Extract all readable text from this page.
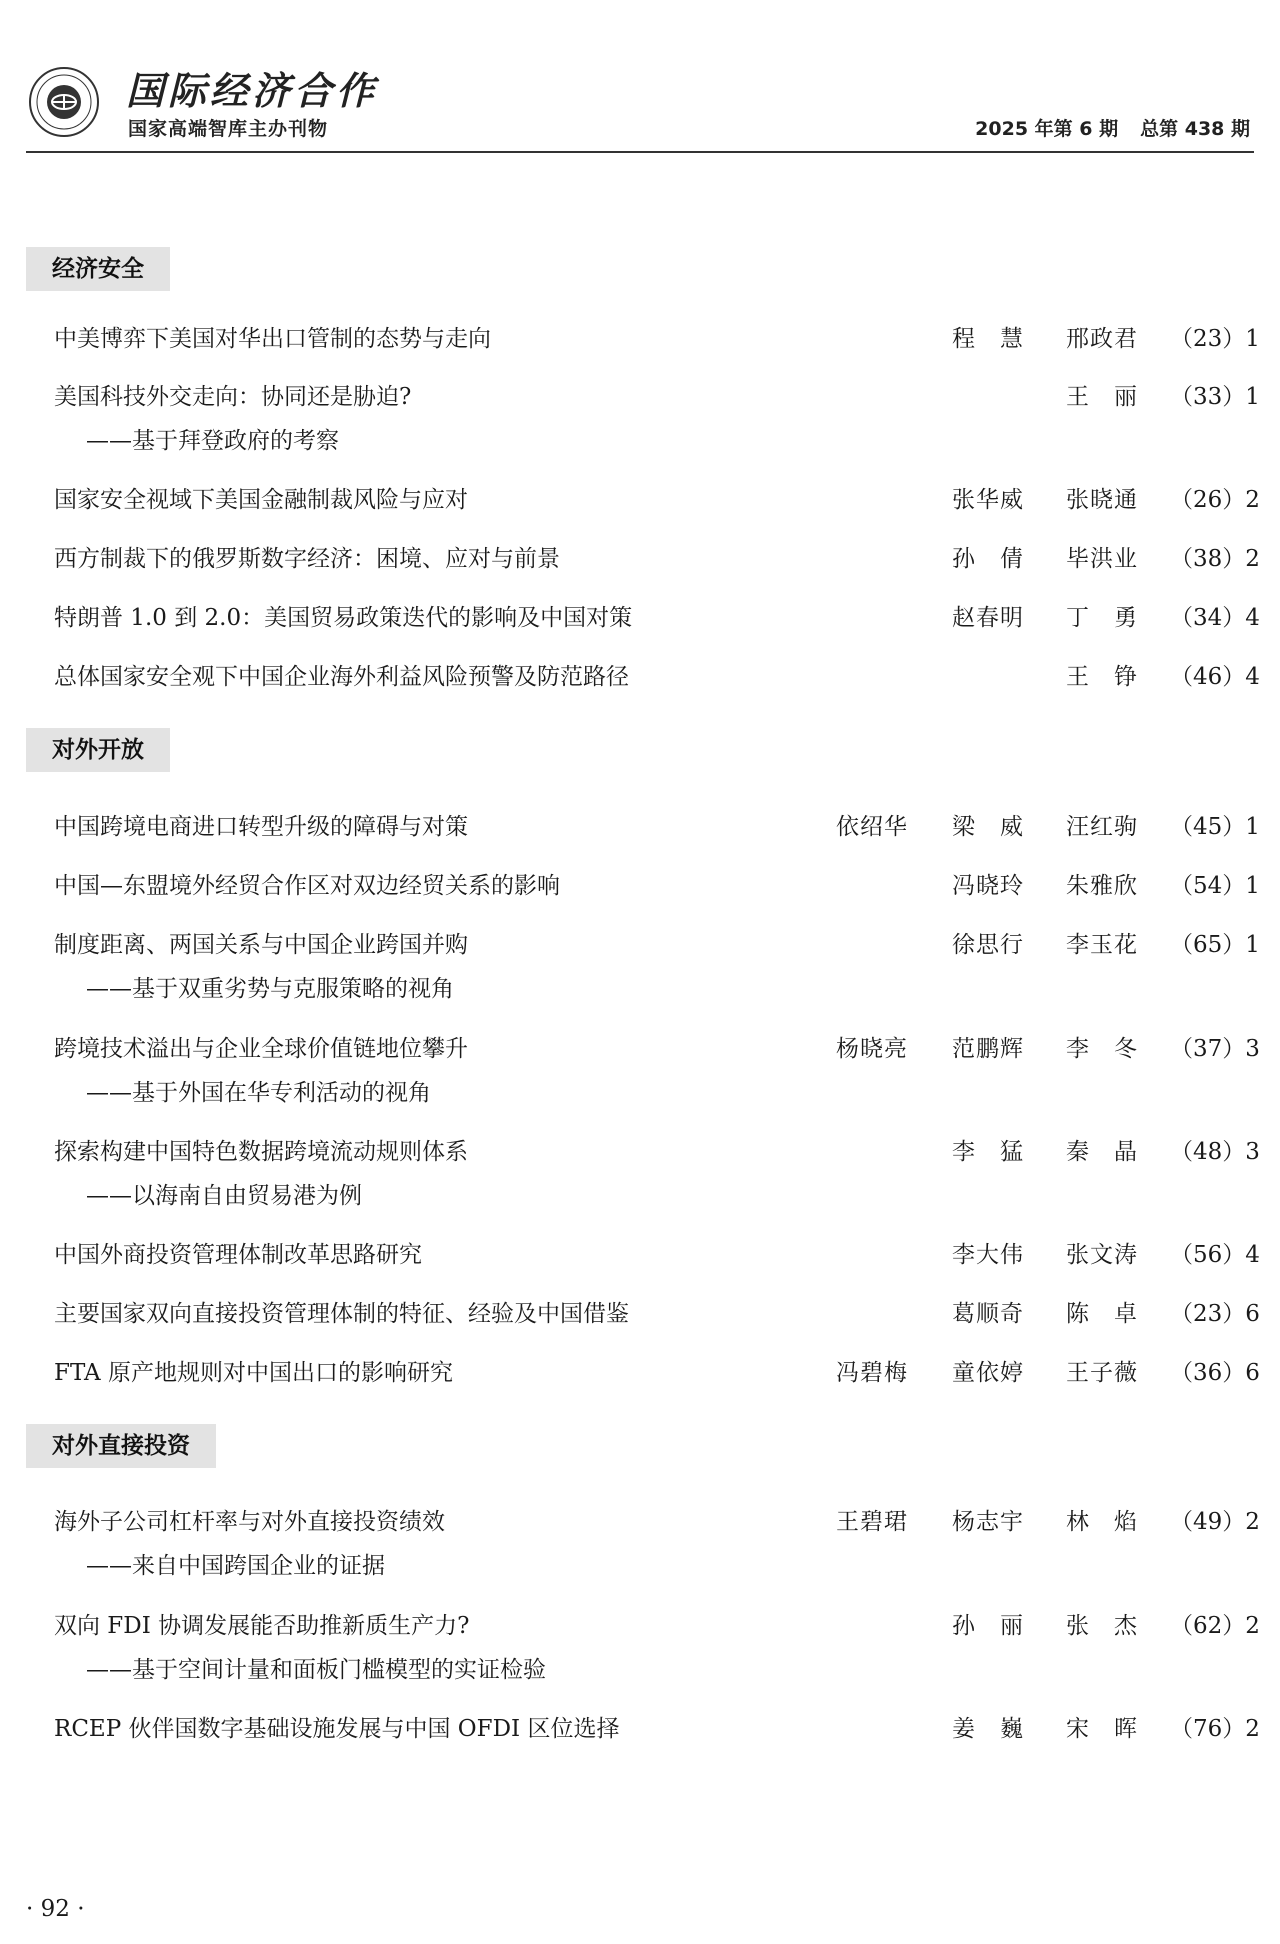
国际经济合作
国家高端智库主办刊物	2025 年第 6 期 总第 438 期
经济安全
中美博弈下美国对华出口管制的态势与走向	程　慧 邢政君 （23）1
美国科技外交走向：协同还是胁迫?
——基于拜登政府的考察
王　丽 （33）1
国家安全视域下美国金融制裁风险与应对	张华威 张晓通 （26）2
西方制裁下的俄罗斯数字经济：困境、应对与前景	孙　倩 毕洪业 （38）2
特朗普 1.0 到 2.0：美国贸易政策迭代的影响及中国对策	赵春明 丁　勇 （34）4
总体国家安全观下中国企业海外利益风险预警及防范路径	王　铮 （46）4
对外开放
中国跨境电商进口转型升级的障碍与对策	依绍华 梁　威 汪红驹 （45）1
中国—东盟境外经贸合作区对双边经贸关系的影响	冯晓玲 朱雅欣 （54）1
制度距离、两国关系与中国企业跨国并购
——基于双重劣势与克服策略的视角
徐思行 李玉花 （65）1
跨境技术溢出与企业全球价值链地位攀升
——基于外国在华专利活动的视角
杨晓亮 范鹏辉 李　冬 （37）3
探索构建中国特色数据跨境流动规则体系
——以海南自由贸易港为例
李　猛 秦　晶 （48）3
中国外商投资管理体制改革思路研究	李大伟 张文涛 （56）4
主要国家双向直接投资管理体制的特征、经验及中国借鉴	葛顺奇 陈　卓 （23）6
FTA 原产地规则对中国出口的影响研究	冯碧梅 童依婷 王子薇 （36）6
对外直接投资
海外子公司杠杆率与对外直接投资绩效
——来自中国跨国企业的证据
王碧珺 杨志宇 林　焰 （49）2
双向 FDI 协调发展能否助推新质生产力?
——基于空间计量和面板门槛模型的实证检验
孙　丽 张　杰 （62）2
RCEP 伙伴国数字基础设施发展与中国 OFDI 区位选择	姜　巍 宋　晖 （76）2
· 92 ·
